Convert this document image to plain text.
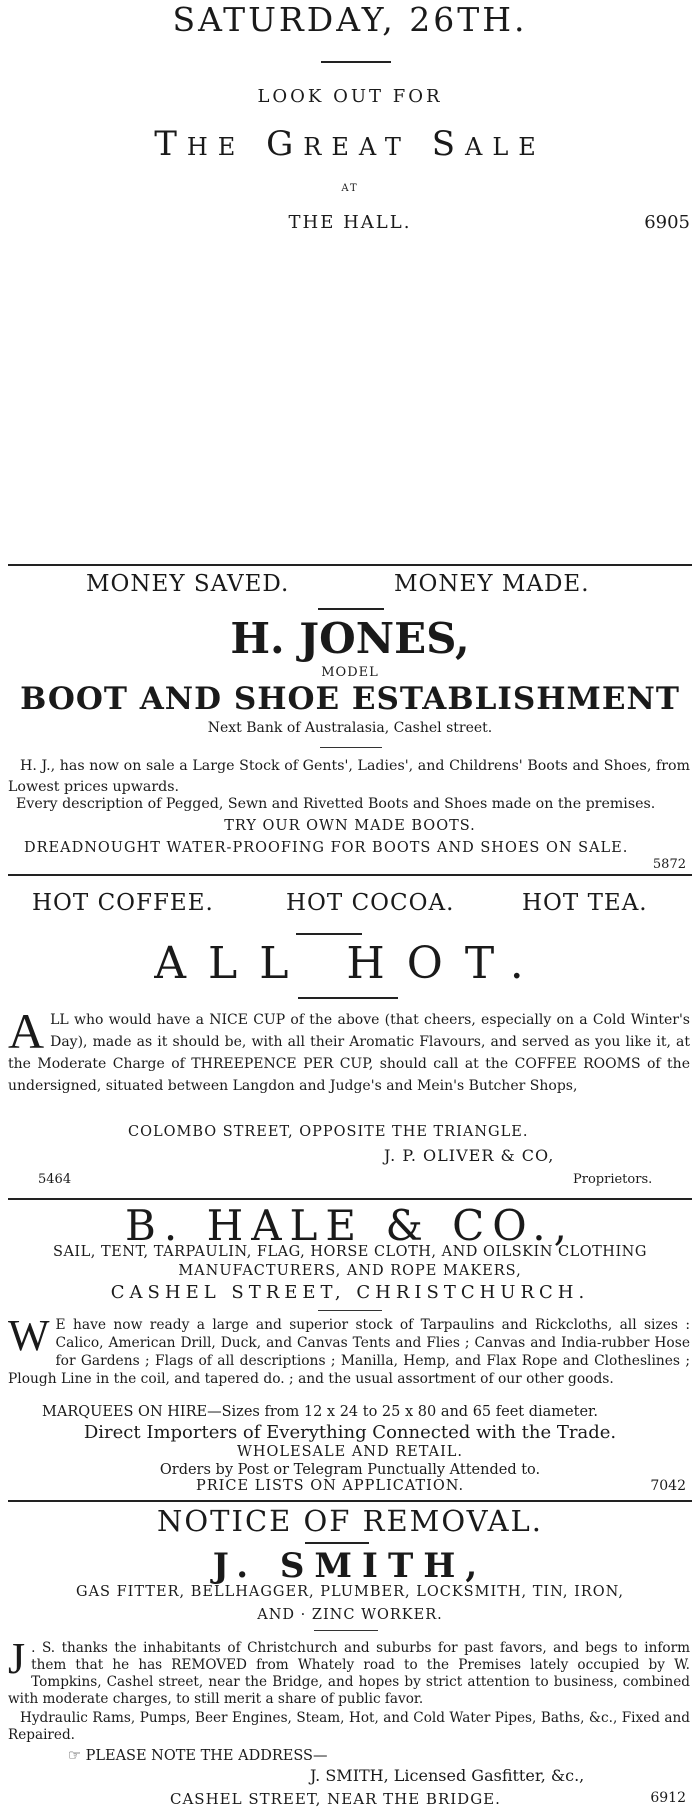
SATURDAY, 26TH.
LOOK OUT FOR
The Great Sale
AT
THE HALL.	6905
MONEY SAVED.	MONEY MADE.
H. JONES,
MODEL
BOOT AND SHOE ESTABLISHMENT
Next Bank of Australasia, Cashel street.
H. J., has now on sale a Large Stock of Gents', Ladies', and Childrens' Boots and Shoes, from Lowest prices upwards.
Every description of Pegged, Sewn and Rivetted Boots and Shoes made on the premises.
TRY OUR OWN MADE BOOTS.
DREADNOUGHT WATER-PROOFING FOR BOOTS AND SHOES ON SALE.
5872
HOT COFFEE.	HOT COCOA.	HOT TEA.
ALL HOT.
ALL who would have a NICE CUP of the above (that cheers, especially on a Cold Winter's Day), made as it should be, with all their Aromatic Flavours, and served as you like it, at the Moderate Charge of THREEPENCE PER CUP, should call at the COFFEE ROOMS of the undersigned, situated between Langdon and Judge's and Mein's Butcher Shops,
COLOMBO STREET, OPPOSITE THE TRIANGLE.
J. P. OLIVER & CO,
5464	Proprietors.
B. HALE & CO.,
SAIL, TENT, TARPAULIN, FLAG, HORSE CLOTH, AND OILSKIN CLOTHING
MANUFACTURERS, AND ROPE MAKERS,
CASHEL STREET, CHRISTCHURCH.
W E have now ready a large and superior stock of Tarpaulins and Rickcloths, all sizes : Calico, American Drill, Duck, and Canvas Tents and Flies ; Canvas and India-rubber Hose for Gardens ; Flags of all descriptions ; Manilla, Hemp, and Flax Rope and Clotheslines ; Plough Line in the coil, and tapered do. ; and the usual assortment of our other goods.
MARQUEES ON HIRE—Sizes from 12 x 24 to 25 x 80 and 65 feet diameter.
Direct Importers of Everything Connected with the Trade.
WHOLESALE AND RETAIL.
Orders by Post or Telegram Punctually Attended to.
PRICE LISTS ON APPLICATION.	7042
NOTICE OF REMOVAL.
J. SMITH,
GAS FITTER, BELLHAGGER, PLUMBER, LOCKSMITH, TIN, IRON,
AND · ZINC WORKER.
J . S. thanks the inhabitants of Christchurch and suburbs for past favors, and begs to inform them that he has REMOVED from Whately road to the Premises lately occupied by W. Tompkins, Cashel street, near the Bridge, and hopes by strict attention to business, combined with moderate charges, to still merit a share of public favor.
Hydraulic Rams, Pumps, Beer Engines, Steam, Hot, and Cold Water Pipes, Baths, &c., Fixed and Repaired.
☞ PLEASE NOTE THE ADDRESS—
J. SMITH, Licensed Gasfitter, &c.,
CASHEL STREET, NEAR THE BRIDGE.	6912
